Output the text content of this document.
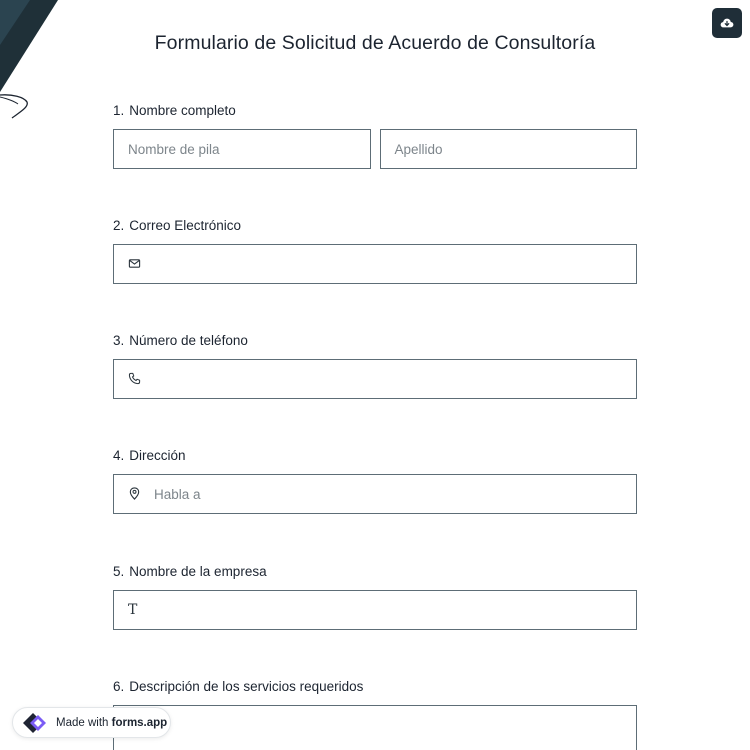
Formulario de Solicitud de Acuerdo de Consultoría
1. Nombre completo
Nombre de pila	Apellido
2. Correo Electrónico
3. Número de teléfono
4. Dirección
Habla a
5. Nombre de la empresa
T
6. Descripción de los servicios requeridos
Made with forms.app
